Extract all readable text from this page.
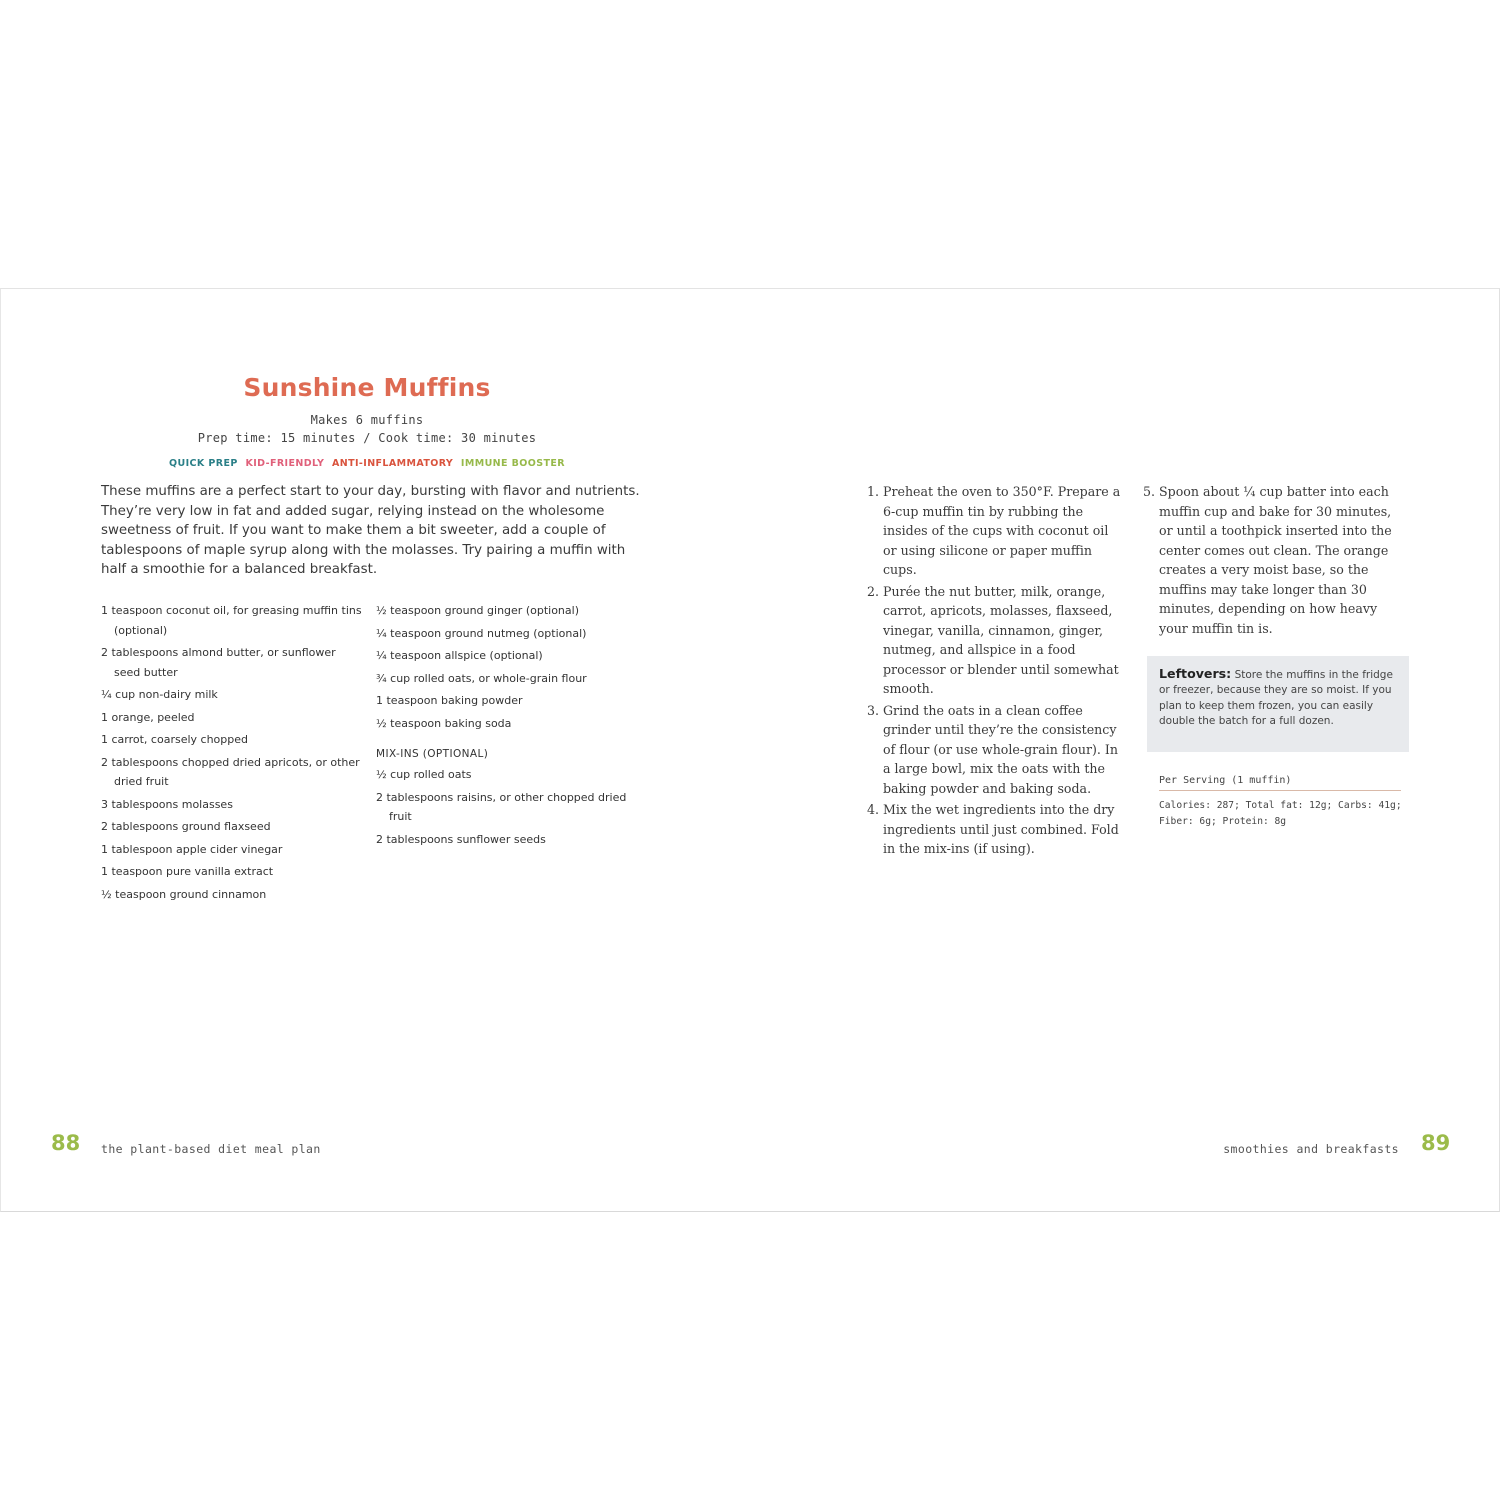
Sunshine Muffins
Makes 6 muffins
Prep time: 15 minutes / Cook time: 30 minutes
QUICK PREP KID-FRIENDLY ANTI-INFLAMMATORY IMMUNE BOOSTER

These muffins are a perfect start to your day, bursting with flavor and nutrients. They’re very low in fat and added sugar, relying instead on the wholesome sweetness of fruit. If you want to make them a bit sweeter, add a couple of tablespoons of maple syrup along with the molasses. Try pairing a muffin with half a smoothie for a balanced breakfast.

1 teaspoon coconut oil, for greasing muffin tins (optional)
2 tablespoons almond butter, or sunflower seed butter
¼ cup non-dairy milk
1 orange, peeled
1 carrot, coarsely chopped
2 tablespoons chopped dried apricots, or other dried fruit
3 tablespoons molasses
2 tablespoons ground flaxseed
1 tablespoon apple cider vinegar
1 teaspoon pure vanilla extract
½ teaspoon ground cinnamon
½ teaspoon ground ginger (optional)
¼ teaspoon ground nutmeg (optional)
¼ teaspoon allspice (optional)
¾ cup rolled oats, or whole-grain flour
1 teaspoon baking powder
½ teaspoon baking soda
MIX-INS (OPTIONAL)
½ cup rolled oats
2 tablespoons raisins, or other chopped dried fruit
2 tablespoons sunflower seeds
1. Preheat the oven to 350°F. Prepare a 6-cup muffin tin by rubbing the insides of the cups with coconut oil or using silicone or paper muffin cups.
2. Purée the nut butter, milk, orange, carrot, apricots, molasses, flaxseed, vinegar, vanilla, cinnamon, ginger, nutmeg, and allspice in a food processor or blender until somewhat smooth.
3. Grind the oats in a clean coffee grinder until they’re the consistency of flour (or use whole-grain flour). In a large bowl, mix the oats with the baking powder and baking soda.
4. Mix the wet ingredients into the dry ingredients until just combined. Fold in the mix-ins (if using).
5. Spoon about ¼ cup batter into each muffin cup and bake for 30 minutes, or until a toothpick inserted into the center comes out clean. The orange creates a very moist base, so the muffins may take longer than 30 minutes, depending on how heavy your muffin tin is.
Leftovers: Store the muffins in the fridge or freezer, because they are so moist. If you plan to keep them frozen, you can easily double the batch for a full dozen.
Per Serving (1 muffin)
Calories: 287; Total fat: 12g; Carbs: 41g; Fiber: 6g; Protein: 8g
88 the plant-based diet meal plan	smoothies and breakfasts 89
